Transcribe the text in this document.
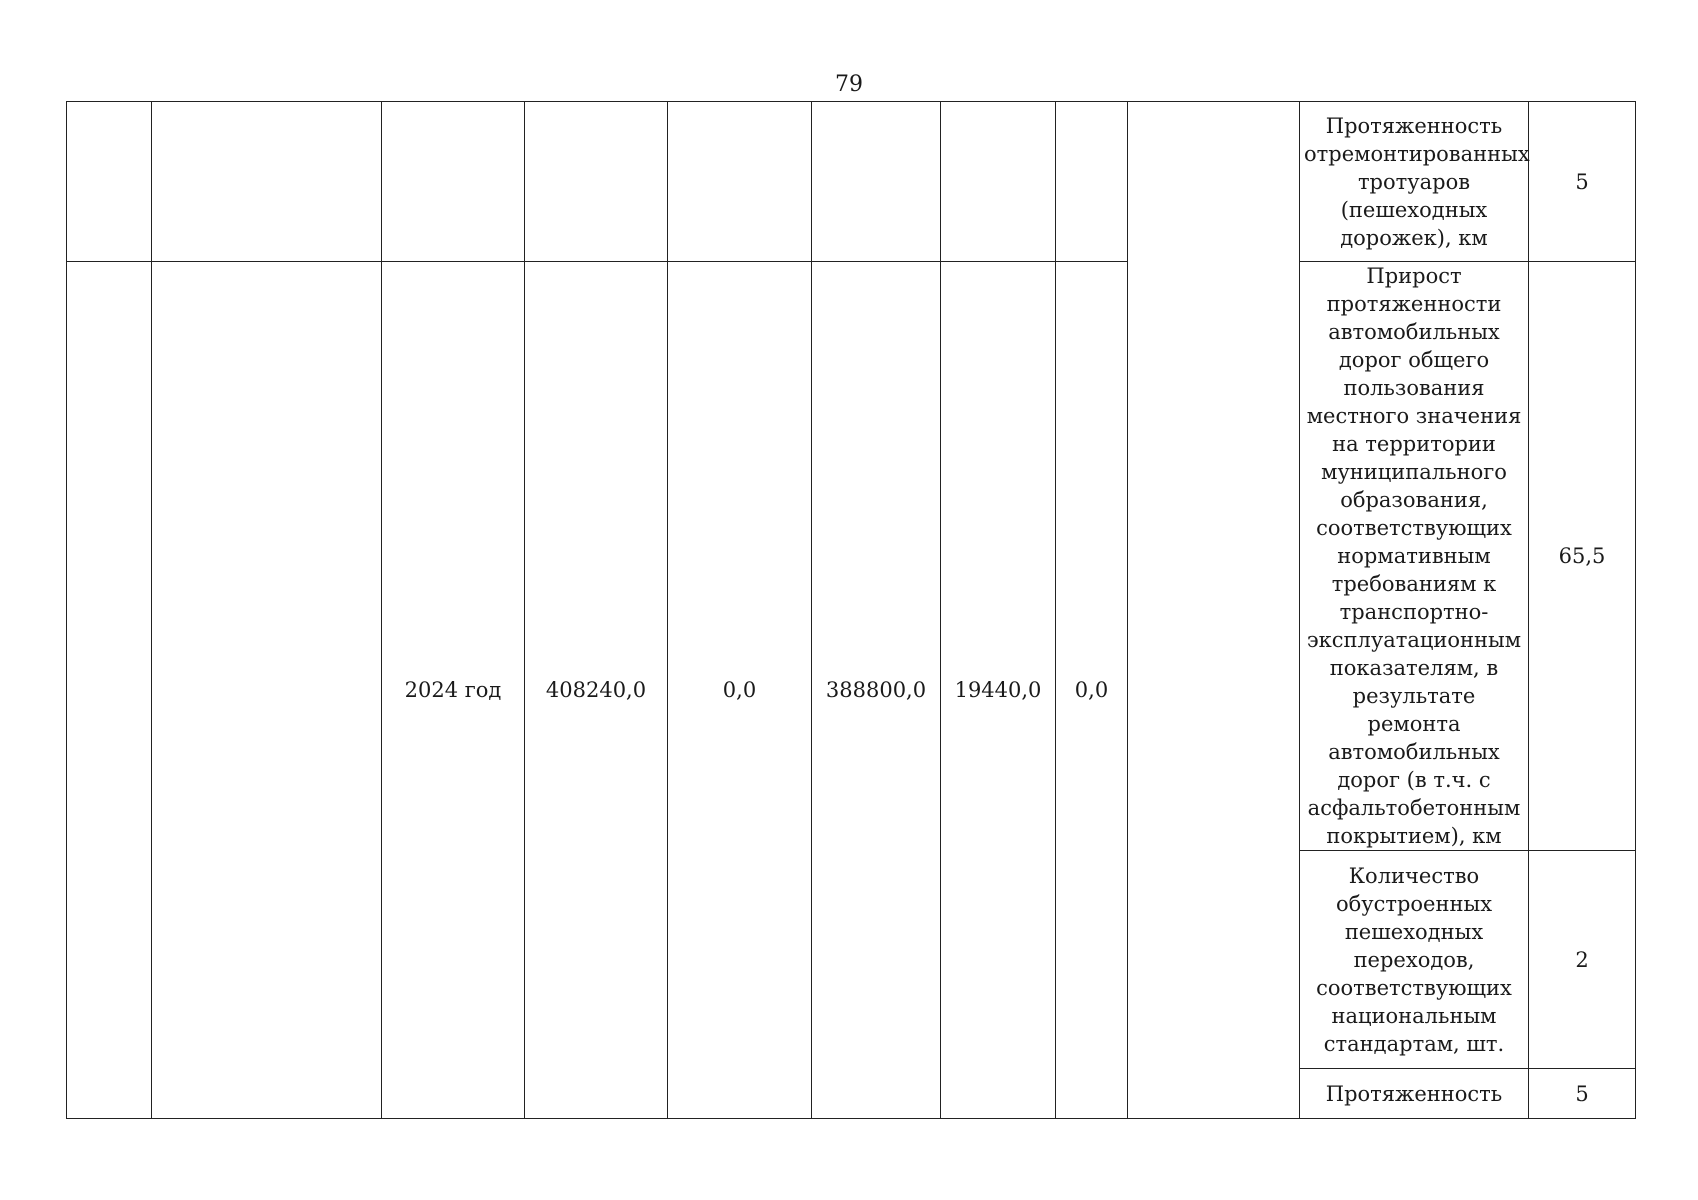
79
									Протяженность отремонтированных тротуаров (пешеходных дорожек), км	5
		2024 год	408240,0	0,0	388800,0	19440,0	0,0		Прирост протяженности автомобильных дорог общего пользования местного значения на территории муниципального образования, соответствующих нормативным требованиям к транспортно-эксплуатационным показателям, в результате ремонта автомобильных дорог (в т.ч. с асфальтобетонным покрытием), км	65,5
									Количество обустроенных пешеходных переходов, соответствующих национальным стандартам, шт.	2
									Протяженность	5
